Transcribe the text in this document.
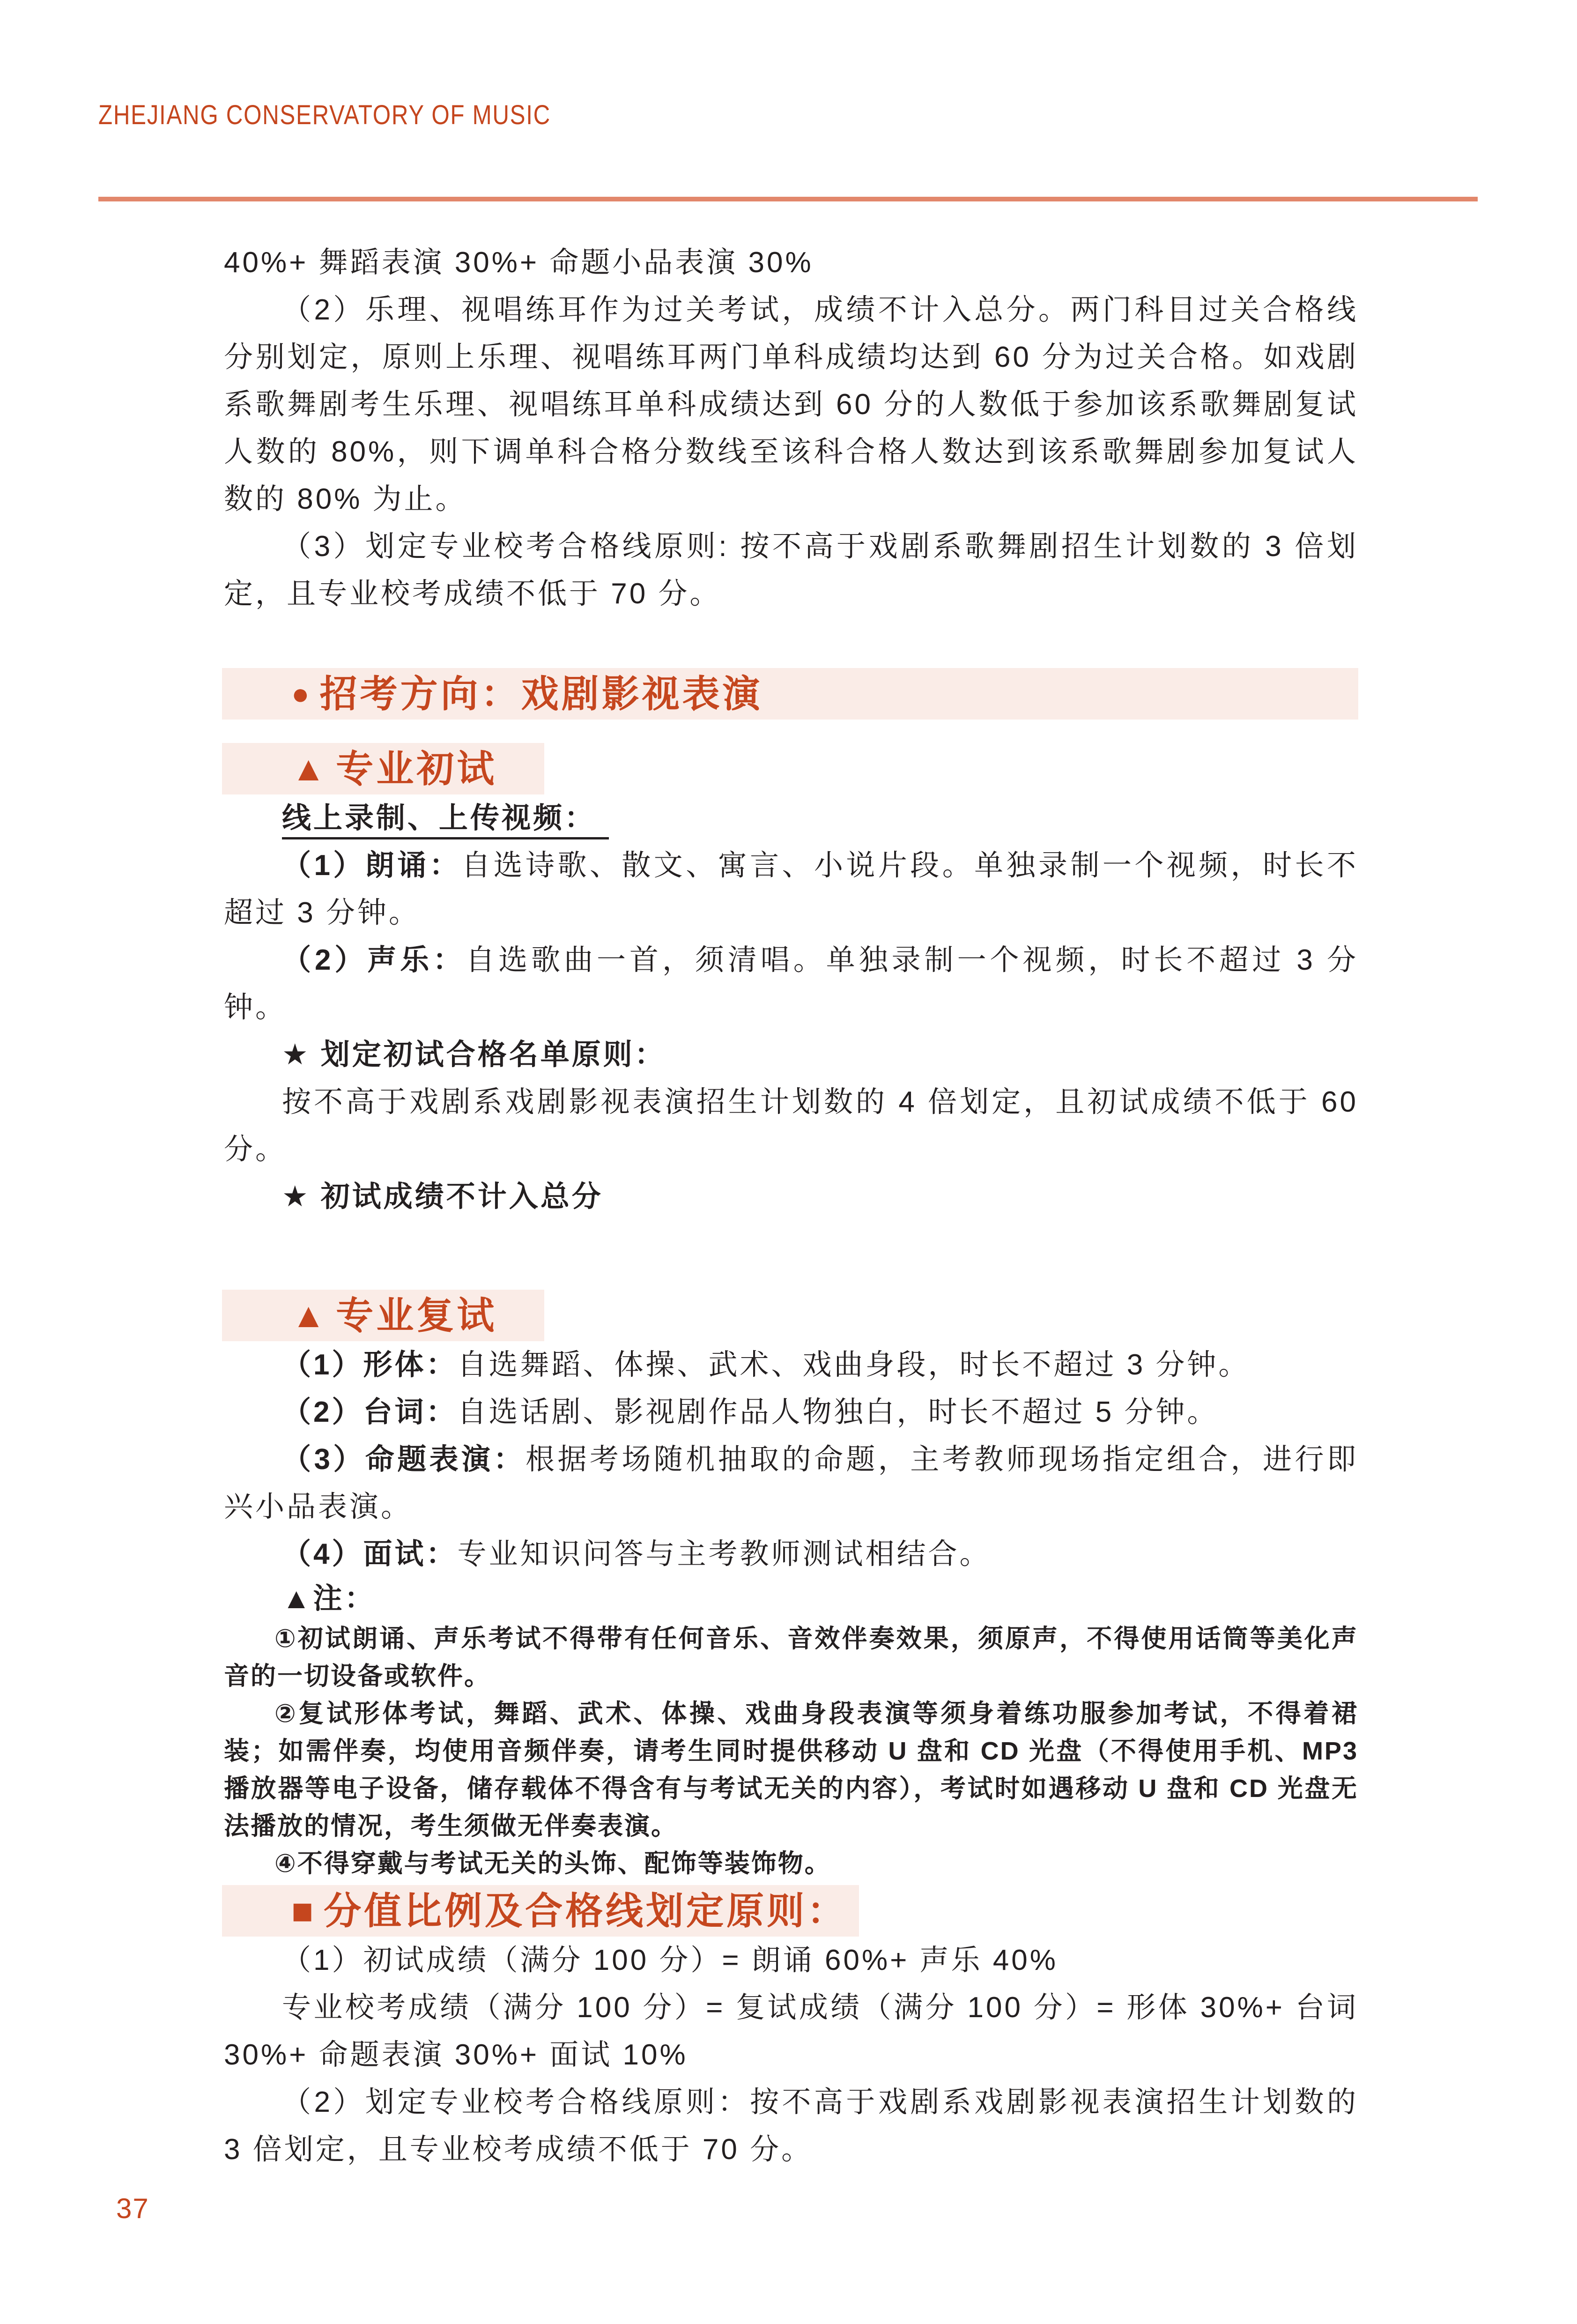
ZHEJIANG CONSERVATORY OF MUSIC

40%+ 舞蹈表演 30%+ 命题小品表演 30%

（2）乐理、视唱练耳作为过关考试，成绩不计入总分。两门科目过关合格线分别划定，原则上乐理、视唱练耳两门单科成绩均达到 60 分为过关合格。如戏剧系歌舞剧考生乐理、视唱练耳单科成绩达到 60 分的人数低于参加该系歌舞剧复试人数的 80%，则下调单科合格分数线至该科合格人数达到该系歌舞剧参加复试人数的 80% 为止。

（3）划定专业校考合格线原则: 按不高于戏剧系歌舞剧招生计划数的 3 倍划定，且专业校考成绩不低于 70 分。

● 招考方向：戏剧影视表演
▲ 专业初试

线上录制、上传视频：

（1）朗诵：自选诗歌、散文、寓言、小说片段。单独录制一个视频，时长不超过 3 分钟。

（2）声乐：自选歌曲一首，须清唱。单独录制一个视频，时长不超过 3 分钟。

★ 划定初试合格名单原则：

按不高于戏剧系戏剧影视表演招生计划数的 4 倍划定，且初试成绩不低于 60 分。

★ 初试成绩不计入总分

▲ 专业复试

（1）形体：自选舞蹈、体操、武术、戏曲身段，时长不超过 3 分钟。

（2）台词：自选话剧、影视剧作品人物独白，时长不超过 5 分钟。

（3）命题表演：根据考场随机抽取的命题，主考教师现场指定组合，进行即兴小品表演。

（4）面试：专业知识问答与主考教师测试相结合。

▲注：

①初试朗诵、声乐考试不得带有任何音乐、音效伴奏效果，须原声，不得使用话筒等美化声音的一切设备或软件。

②复试形体考试，舞蹈、武术、体操、戏曲身段表演等须身着练功服参加考试，不得着裙装；如需伴奏，均使用音频伴奏，请考生同时提供移动 U 盘和 CD 光盘（不得使用手机、MP3 播放器等电子设备，储存载体不得含有与考试无关的内容），考试时如遇移动 U 盘和 CD 光盘无法播放的情况，考生须做无伴奏表演。

④不得穿戴与考试无关的头饰、配饰等装饰物。

■ 分值比例及合格线划定原则：

（1）初试成绩（满分 100 分）= 朗诵 60%+ 声乐 40%

专业校考成绩（满分 100 分）= 复试成绩（满分 100 分）= 形体 30%+ 台词 30%+ 命题表演 30%+ 面试 10%

（2）划定专业校考合格线原则：按不高于戏剧系戏剧影视表演招生计划数的 3 倍划定，且专业校考成绩不低于 70 分。

37
